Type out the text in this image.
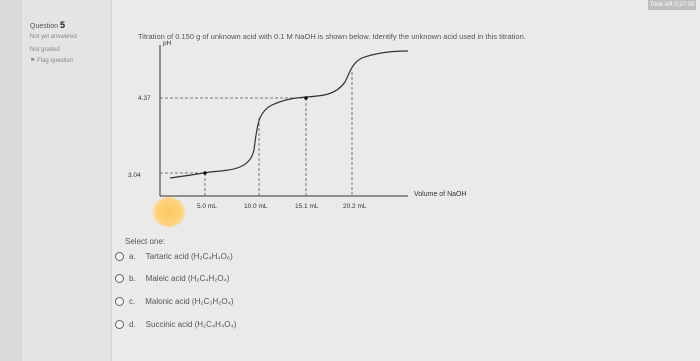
Question 5
Not yet answered
Not graded
⚑ Flag question
Time left 0:27:00
Titration of 0.150 g of unknown acid with 0.1 M NaOH is shown below. Identify the unknown acid used in this titration.
pH
Volume of NaOH
4.37
3.04
5.0 mL	10.0 mL	15.1 mL	20.2 mL
Select one:
a. Tartaric acid (H₂C₄H₄O₆)
b. Maleic acid (H₂C₄H₂O₄)
c. Malonic acid (H₂C₃H₂O₄)
d. Succinic acid (H₂C₄H₄O₄)
